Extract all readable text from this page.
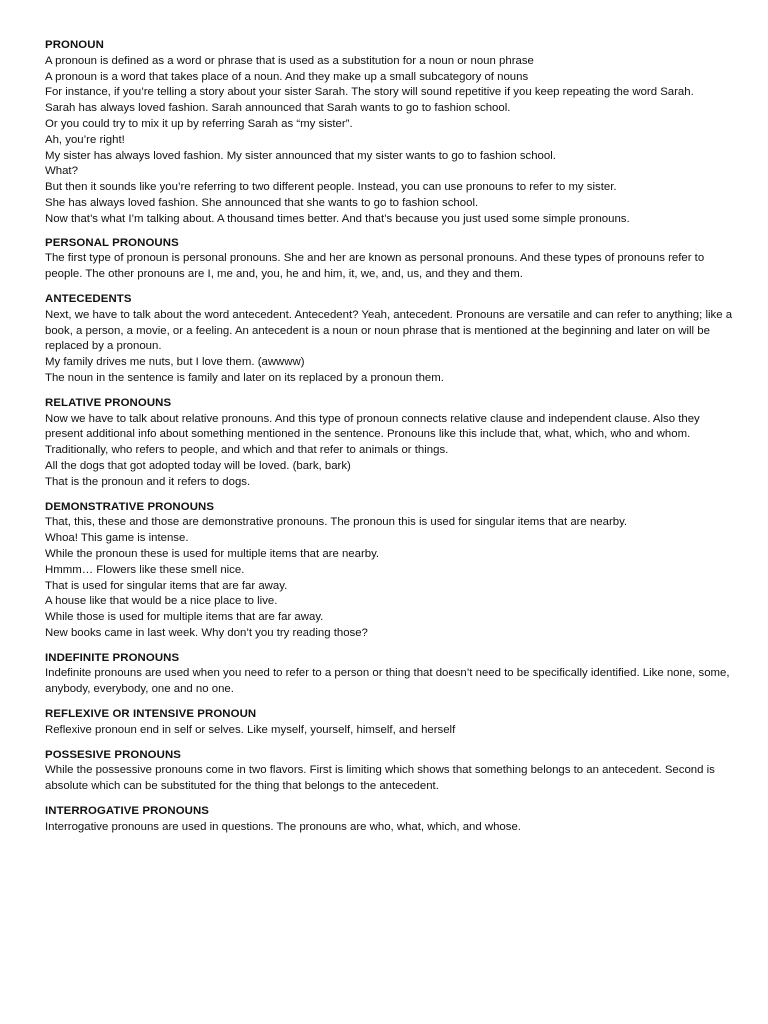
PRONOUN
A pronoun is defined as a word or phrase that is used as a substitution for a noun or noun phrase
A pronoun is a word that takes place of a noun. And they make up a small subcategory of nouns
For instance, if you’re telling a story about your sister Sarah. The story will sound repetitive if you keep repeating the word Sarah.
Sarah has always loved fashion. Sarah announced that Sarah wants to go to fashion school.
Or you could try to mix it up by referring Sarah as “my sister”.
Ah, you’re right!
My sister has always loved fashion. My sister announced that my sister wants to go to fashion school.
What?
But then it sounds like you’re referring to two different people. Instead, you can use pronouns to refer to my sister.
She has always loved fashion. She announced that she wants to go to fashion school.
Now that’s what I’m talking about. A thousand times better. And that’s because you just used some simple pronouns.
PERSONAL PRONOUNS
The first type of pronoun is personal pronouns. She and her are known as personal pronouns. And these types of pronouns refer to people. The other pronouns are I, me and, you, he and him, it, we, and, us, and they and them.
ANTECEDENTS
Next, we have to talk about the word antecedent. Antecedent? Yeah, antecedent. Pronouns are versatile and can refer to anything; like a book, a person, a movie, or a feeling. An antecedent is a noun or noun phrase that is mentioned at the beginning and later on will be replaced by a pronoun.
My family drives me nuts, but I love them. (awwww)
The noun in the sentence is family and later on its replaced by a pronoun them.
RELATIVE PRONOUNS
Now we have to talk about relative pronouns. And this type of pronoun connects relative clause and independent clause. Also they present additional info about something mentioned in the sentence. Pronouns like this include that, what, which, who and whom. Traditionally, who refers to people, and which and that refer to animals or things.
All the dogs that got adopted today will be loved. (bark, bark)
That is the pronoun and it refers to dogs.
DEMONSTRATIVE PRONOUNS
That, this, these and those are demonstrative pronouns. The pronoun this is used for singular items that are nearby.
Whoa! This game is intense.
While the pronoun these is used for multiple items that are nearby.
Hmmm… Flowers like these smell nice.
That is used for singular items that are far away.
A house like that would be a nice place to live.
While those is used for multiple items that are far away.
New books came in last week. Why don’t you try reading those?
INDEFINITE PRONOUNS
Indefinite pronouns are used when you need to refer to a person or thing that doesn’t need to be specifically identified. Like none, some, anybody, everybody, one and no one.
REFLEXIVE OR INTENSIVE PRONOUN
Reflexive pronoun end in self or selves. Like myself, yourself, himself, and herself
POSSESIVE PRONOUNS
While the possessive pronouns come in two flavors. First is limiting which shows that something belongs to an antecedent. Second is absolute which can be substituted for the thing that belongs to the antecedent.
INTERROGATIVE PRONOUNS
Interrogative pronouns are used in questions. The pronouns are who, what, which, and whose.
